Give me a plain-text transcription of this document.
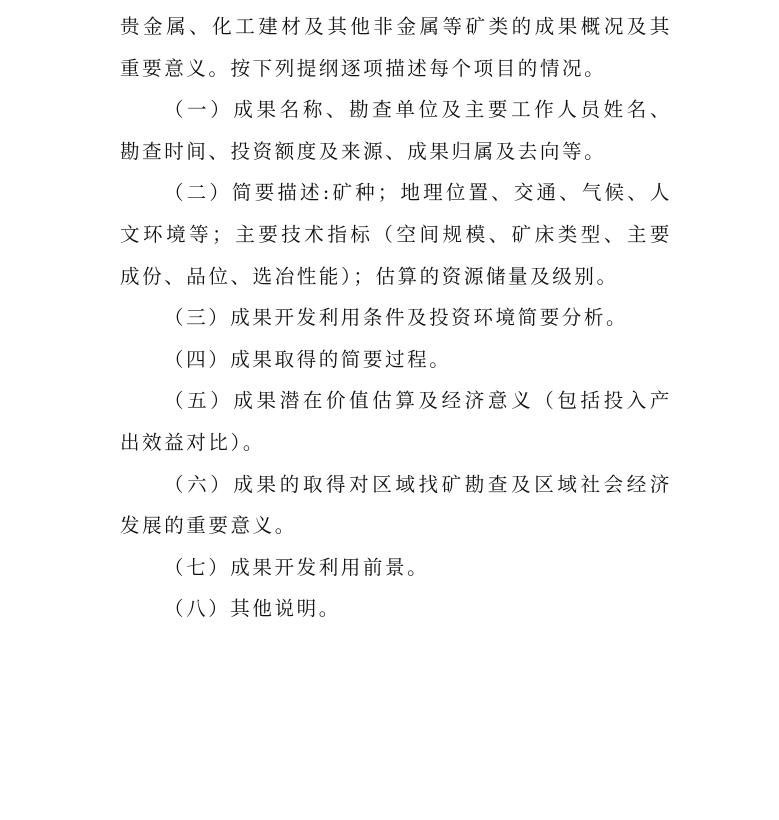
贵金属、化工建材及其他非金属等矿类的成果概况及其重要意义。按下列提纲逐项描述每个项目的情况。

（一）成果名称、勘查单位及主要工作人员姓名、勘查时间、投资额度及来源、成果归属及去向等。

（二）简要描述:矿种；地理位置、交通、气候、人文环境等；主要技术指标（空间规模、矿床类型、主要成份、品位、选冶性能）；估算的资源储量及级别。

（三）成果开发利用条件及投资环境简要分析。

（四）成果取得的简要过程。

（五）成果潜在价值估算及经济意义（包括投入产出效益对比）。

（六）成果的取得对区域找矿勘查及区域社会经济发展的重要意义。

（七）成果开发利用前景。

（八）其他说明。
